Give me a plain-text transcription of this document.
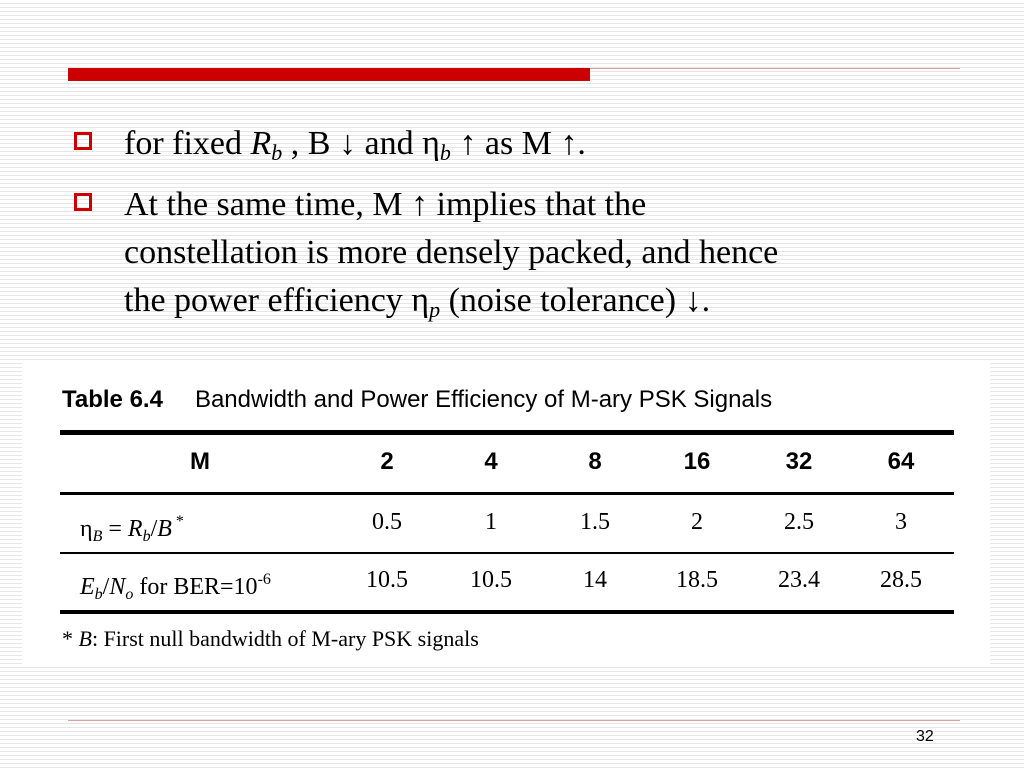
for fixed $R_b$ , B ↓ and $\eta_b$ ↑ as M ↑.
At the same time, M ↑ implies that the
constellation is more densely packed, and hence
the power efficiency $\eta_p$ (noise tolerance) ↓.
Table 6.4 Bandwidth and Power Efficiency of M-ary PSK Signals
M	2	4	8	16	32	64
$\eta_B = R_b/B$ *	0.5	1	1.5	2	2.5	3
$E_b/N_o$ for $BER=10^{-6}$	10.5	10.5	14	18.5	23.4	28.5
* B: First null bandwidth of M-ary PSK signals
32
